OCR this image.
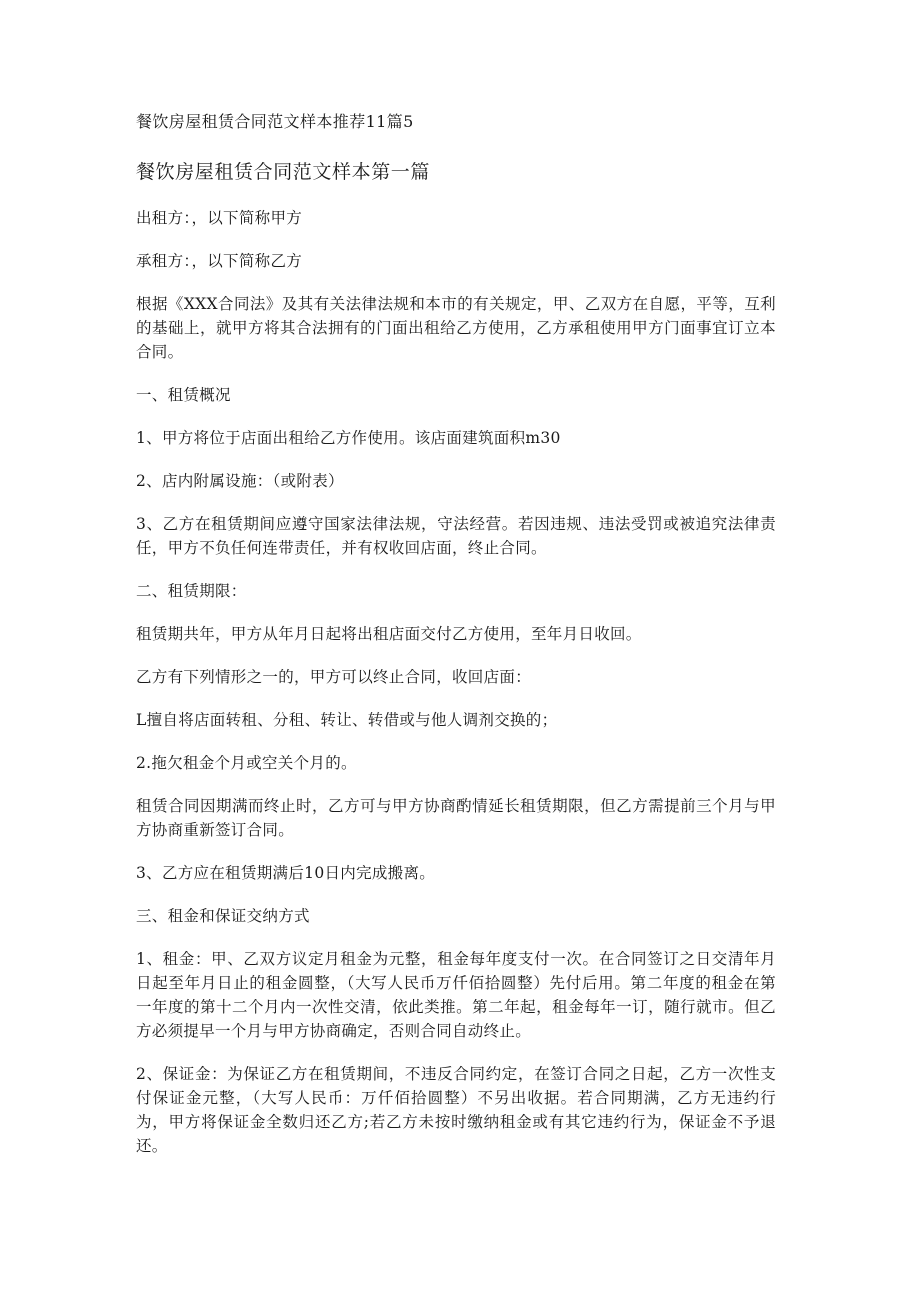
餐饮房屋租赁合同范文样本推荐11篇5

餐饮房屋租赁合同范文样本第一篇

出租方：，以下简称甲方

承租方：，以下简称乙方

根据《XXX合同法》及其有关法律法规和本市的有关规定，甲、乙双方在自愿，平等，互利的基础上，就甲方将其合法拥有的门面出租给乙方使用，乙方承租使用甲方门面事宜订立本合同。

一、租赁概况

1、甲方将位于店面出租给乙方作使用。该店面建筑面积m30

2、店内附属设施：（或附表）

3、乙方在租赁期间应遵守国家法律法规，守法经营。若因违规、违法受罚或被追究法律责任，甲方不负任何连带责任，并有权收回店面，终止合同。

二、租赁期限：

租赁期共年，甲方从年月日起将出租店面交付乙方使用，至年月日收回。

乙方有下列情形之一的，甲方可以终止合同，收回店面：

L擅自将店面转租、分租、转让、转借或与他人调剂交换的；

2.拖欠租金个月或空关个月的。

租赁合同因期满而终止时，乙方可与甲方协商酌情延长租赁期限，但乙方需提前三个月与甲方协商重新签订合同。

3、乙方应在租赁期满后10日内完成搬离。

三、租金和保证交纳方式

1、租金：甲、乙双方议定月租金为元整，租金每年度支付一次。在合同签订之日交清年月日起至年月日止的租金圆整，（大写人民币万仟佰拾圆整）先付后用。第二年度的租金在第一年度的第十二个月内一次性交清，依此类推。第二年起，租金每年一订，随行就市。但乙方必须提早一个月与甲方协商确定，否则合同自动终止。

2、保证金：为保证乙方在租赁期间，不违反合同约定，在签订合同之日起，乙方一次性支付保证金元整，（大写人民币：万仟佰拾圆整）不另出收据。若合同期满，乙方无违约行为，甲方将保证金全数归还乙方;若乙方未按时缴纳租金或有其它违约行为，保证金不予退还。
